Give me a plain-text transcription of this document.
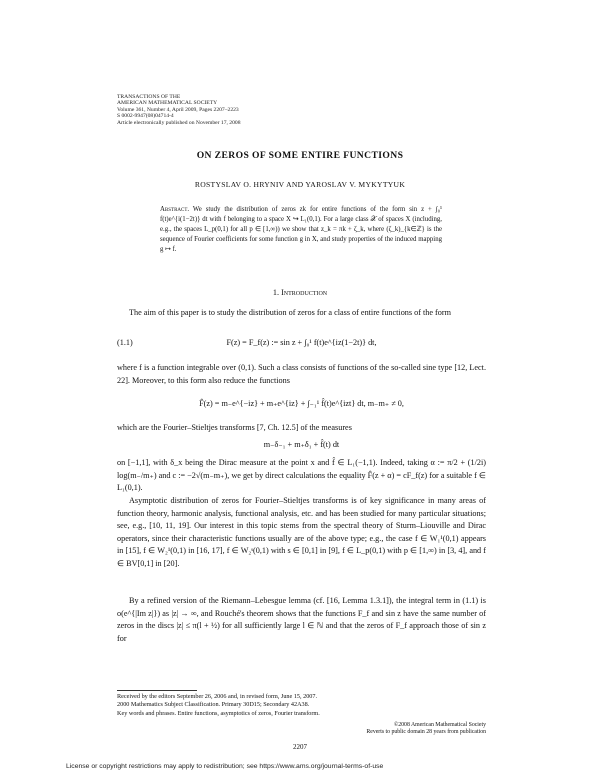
TRANSACTIONS OF THE
AMERICAN MATHEMATICAL SOCIETY
Volume 361, Number 4, April 2009, Pages 2207–2223
S 0002-9947(08)04714-4
Article electronically published on November 17, 2008
ON ZEROS OF SOME ENTIRE FUNCTIONS
ROSTYSLAV O. HRYNIV AND YAROSLAV V. MYKYTYUK
Abstract. We study the distribution of zeros zk for entire functions of the form sin z + ∫₀¹ f(t)e^{i(1−2t)} dt with f belonging to a space X ↪ L₁(0,1). For a large class 𝒳 of spaces X (including, e.g., the spaces L_p(0,1) for all p ∈ [1,∞)) we show that z_k = πk + ζ_k, where (ζ_k)_{k∈ℤ} is the sequence of Fourier coefficients for some function g in X, and study properties of the induced mapping g ↦ f.
1. Introduction

The aim of this paper is to study the distribution of zeros for a class of entire functions of the form

(1.1)	F(z) = F_f(z) := sin z + ∫₀¹ f(t)e^{iz(1−2t)} dt,

where f is a function integrable over (0,1). Such a class consists of functions of the so-called sine type [12, Lect. 22]. Moreover, to this form also reduce the functions

F̂(z) = m₋e^{−iz} + m₊e^{iz} + ∫₋₁¹ f̂(t)e^{izt} dt, m₋m₊ ≠ 0,

which are the Fourier–Stieltjes transforms [7, Ch. 12.5] of the measures

m₋δ₋₁ + m₊δ₁ + f̂(t) dt

on [−1,1], with δ_x being the Dirac measure at the point x and f̂ ∈ L₁(−1,1). Indeed, taking α := π/2 + (1/2i) log(m₋/m₊) and c := −2√(m₋m₊), we get by direct calculations the equality F̂(z + α) = cF_f(z) for a suitable f ∈ L₁(0,1).

Asymptotic distribution of zeros for Fourier–Stieltjes transforms is of key significance in many areas of function theory, harmonic analysis, functional analysis, etc. and has been studied for many particular situations; see, e.g., [10, 11, 19]. Our interest in this topic stems from the spectral theory of Sturm–Liouville and Dirac operators, since their characteristic functions usually are of the above type; e.g., the case f ∈ W₁¹(0,1) appears in [15], f ∈ W₂¹(0,1) in [16, 17], f ∈ W₂ˢ(0,1) with s ∈ [0,1] in [9], f ∈ L_p(0,1) with p ∈ [1,∞) in [3, 4], and f ∈ BV[0,1] in [20].

By a refined version of the Riemann–Lebesgue lemma (cf. [16, Lemma 1.3.1]), the integral term in (1.1) is o(e^{|Im z|}) as |z| → ∞, and Rouché's theorem shows that the functions F_f and sin z have the same number of zeros in the discs |z| ≤ π(l + ½) for all sufficiently large l ∈ ℕ and that the zeros of F_f approach those of sin z for

Received by the editors September 26, 2006 and, in revised form, June 15, 2007.
2000 Mathematics Subject Classification. Primary 30D15; Secondary 42A38.
Key words and phrases. Entire functions, asymptotics of zeros, Fourier transform.
©2008 American Mathematical Society
Reverts to public domain 28 years from publication
2207
License or copyright restrictions may apply to redistribution; see https://www.ams.org/journal-terms-of-use
